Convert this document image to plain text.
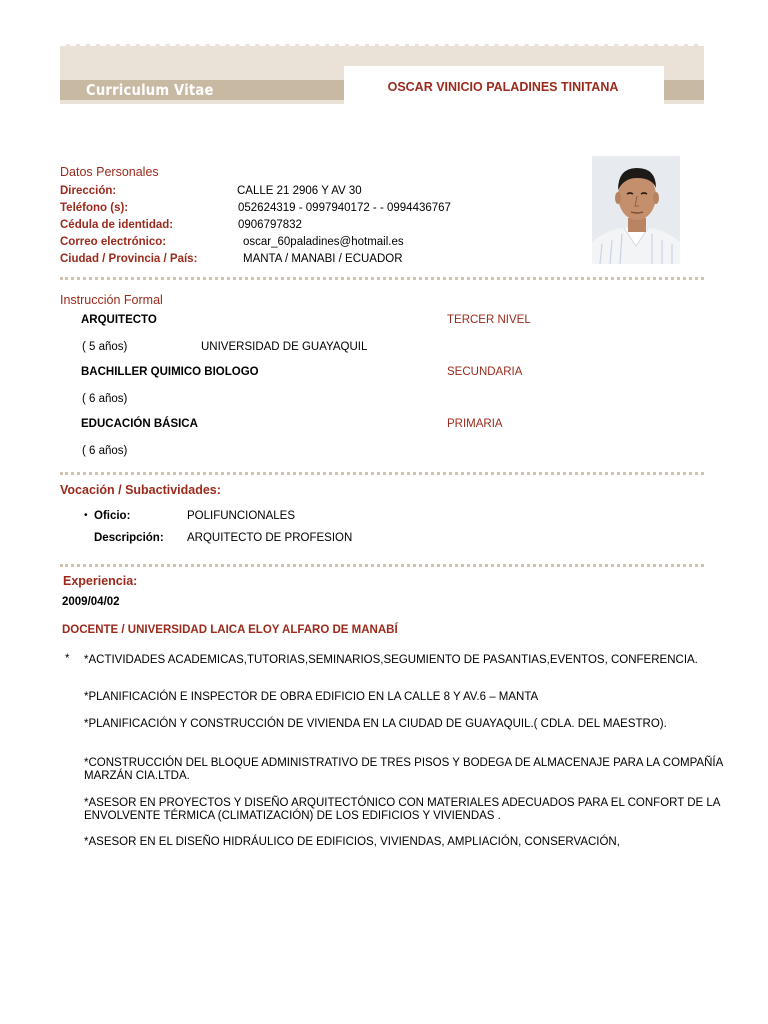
Curriculum Vitae	OSCAR VINICIO PALADINES TINITANA
Datos Personales
Dirección:	CALLE 21 2906 Y AV 30
Teléfono (s):	052624319 - 0997940172 - - 0994436767
Cédula de identidad:	0906797832
Correo electrónico:	oscar_60paladines@hotmail.es
Ciudad / Provincia / País:	MANTA / MANABI / ECUADOR
Instrucción Formal
ARQUITECTO	TERCER NIVEL
( 5 años)	UNIVERSIDAD DE GUAYAQUIL
BACHILLER QUIMICO BIOLOGO	SECUNDARIA
( 6 años)
EDUCACIÓN BÁSICA	PRIMARIA
( 6 años)
Vocación / Subactividades:
• Oficio:	POLIFUNCIONALES
Descripción: ARQUITECTO DE PROFESION
Experiencia:
2009/04/02
DOCENTE / UNIVERSIDAD LAICA ELOY ALFARO DE MANABÍ
* *ACTIVIDADES ACADEMICAS,TUTORIAS,SEMINARIOS,SEGUMIENTO DE PASANTIAS,EVENTOS, CONFERENCIA.
*PLANIFICACIÓN E INSPECTOR DE OBRA EDIFICIO EN LA CALLE 8 Y AV.6 – MANTA
*PLANIFICACIÓN Y CONSTRUCCIÓN DE VIVIENDA EN LA CIUDAD DE GUAYAQUIL.( CDLA. DEL MAESTRO).
*CONSTRUCCIÓN DEL BLOQUE ADMINISTRATIVO DE TRES PISOS Y BODEGA DE ALMACENAJE PARA LA COMPAÑÍA MARZÁN CIA.LTDA.
*ASESOR EN PROYECTOS Y DISEÑO ARQUITECTÓNICO CON MATERIALES ADECUADOS PARA EL CONFORT DE LA ENVOLVENTE TÉRMICA (CLIMATIZACIÓN) DE LOS EDIFICIOS Y VIVIENDAS .
*ASESOR EN EL DISEÑO HIDRÁULICO DE EDIFICIOS, VIVIENDAS, AMPLIACIÓN, CONSERVACIÓN,
